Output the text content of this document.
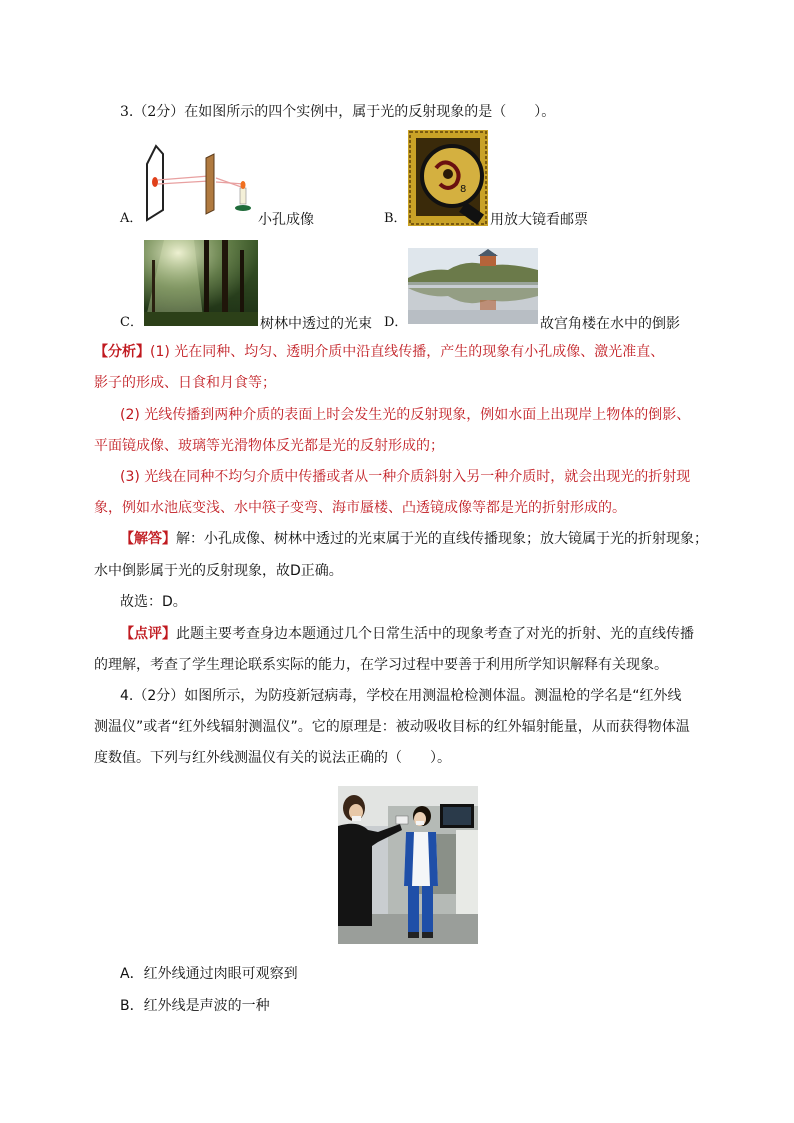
3.（2分）在如图所示的四个实例中，属于光的反射现象的是（　　）。
A．	小孔成像	B．
8
用放大镜看邮票
C．	树林中透过的光束 D．	故宫角楼在水中的倒影
【分析】(1) 光在同种、均匀、透明介质中沿直线传播，产生的现象有小孔成像、激光准直、
影子的形成、日食和月食等；
(2) 光线传播到两种介质的表面上时会发生光的反射现象，例如水面上出现岸上物体的倒影、
平面镜成像、玻璃等光滑物体反光都是光的反射形成的；
(3) 光线在同种不均匀介质中传播或者从一种介质斜射入另一种介质时，就会出现光的折射现
象，例如水池底变浅、水中筷子变弯、海市蜃楼、凸透镜成像等都是光的折射形成的。
【解答】解：小孔成像、树林中透过的光束属于光的直线传播现象；放大镜属于光的折射现象；
水中倒影属于光的反射现象，故D正确。
故选：D。
【点评】此题主要考查身边本题通过几个日常生活中的现象考查了对光的折射、光的直线传播
的理解，考查了学生理论联系实际的能力，在学习过程中要善于利用所学知识解释有关现象。
4.（2分）如图所示，为防疫新冠病毒，学校在用测温枪检测体温。测温枪的学名是“红外线
测温仪”或者“红外线辐射测温仪”。它的原理是：被动吸收目标的红外辐射能量，从而获得物体温
度数值。下列与红外线测温仪有关的说法正确的（　　）。
A．红外线通过肉眼可观察到
B．红外线是声波的一种
